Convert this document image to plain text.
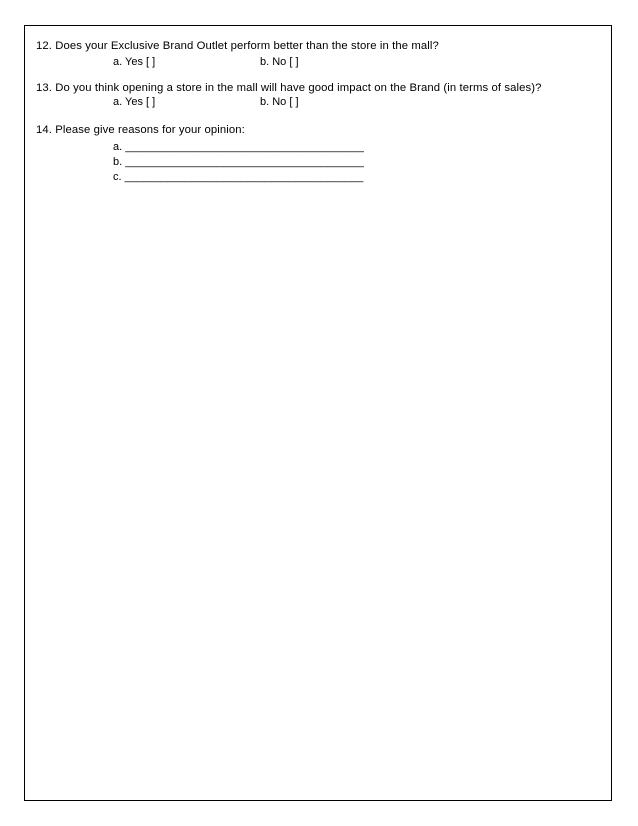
12. Does your Exclusive Brand Outlet perform better than the store in the mall?
a. Yes [ ]	b. No [ ]
13. Do you think opening a store in the mall will have good impact on the Brand (in terms of sales)?
a. Yes [ ]	b. No [ ]
14. Please give reasons for your opinion:
a. _______________________________________
b. _______________________________________
c. _______________________________________
